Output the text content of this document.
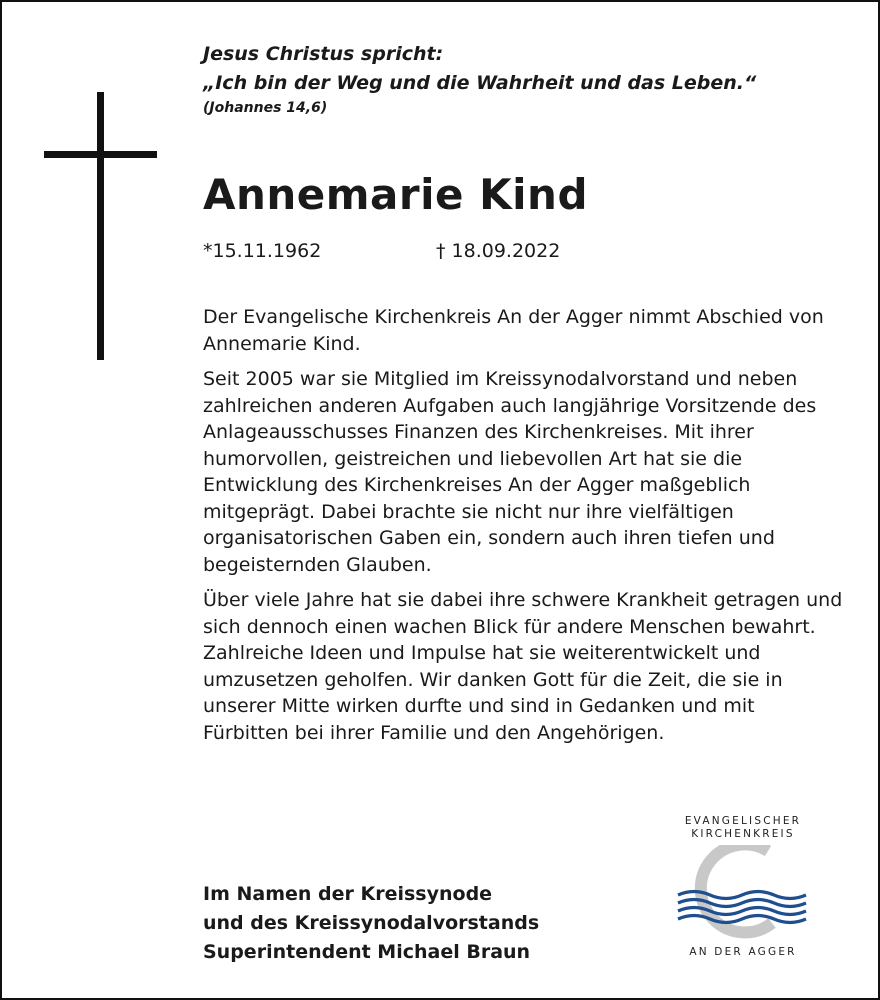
Jesus Christus spricht:

„Ich bin der Weg und die Wahrheit und das Leben.“

(Johannes 14,6)

Annemarie Kind
*15.11.1962	† 18.09.2022

Der Evangelische Kirchenkreis An der Agger nimmt Abschied von Annemarie Kind.

Seit 2005 war sie Mitglied im Kreissynodalvorstand und neben zahlreichen anderen Aufgaben auch langjährige Vorsitzende des Anlageausschusses Finanzen des Kirchenkreises. Mit ihrer humorvollen, geistreichen und liebevollen Art hat sie die Entwicklung des Kirchenkreises An der Agger maßgeblich mitgeprägt. Dabei brachte sie nicht nur ihre vielfältigen organisatorischen Gaben ein, sondern auch ihren tiefen und begeisternden Glauben.

Über viele Jahre hat sie dabei ihre schwere Krankheit getragen und sich dennoch einen wachen Blick für andere Menschen bewahrt. Zahlreiche Ideen und Impulse hat sie weiterentwickelt und umzusetzen geholfen. Wir danken Gott für die Zeit, die sie in unserer Mitte wirken durfte und sind in Gedanken und mit Fürbitten bei ihrer Familie und den Angehörigen.

Im Namen der Kreissynode
und des Kreissynodalvorstands
Superintendent Michael Braun
EVANGELISCHER
KIRCHENKREIS
AN DER AGGER
